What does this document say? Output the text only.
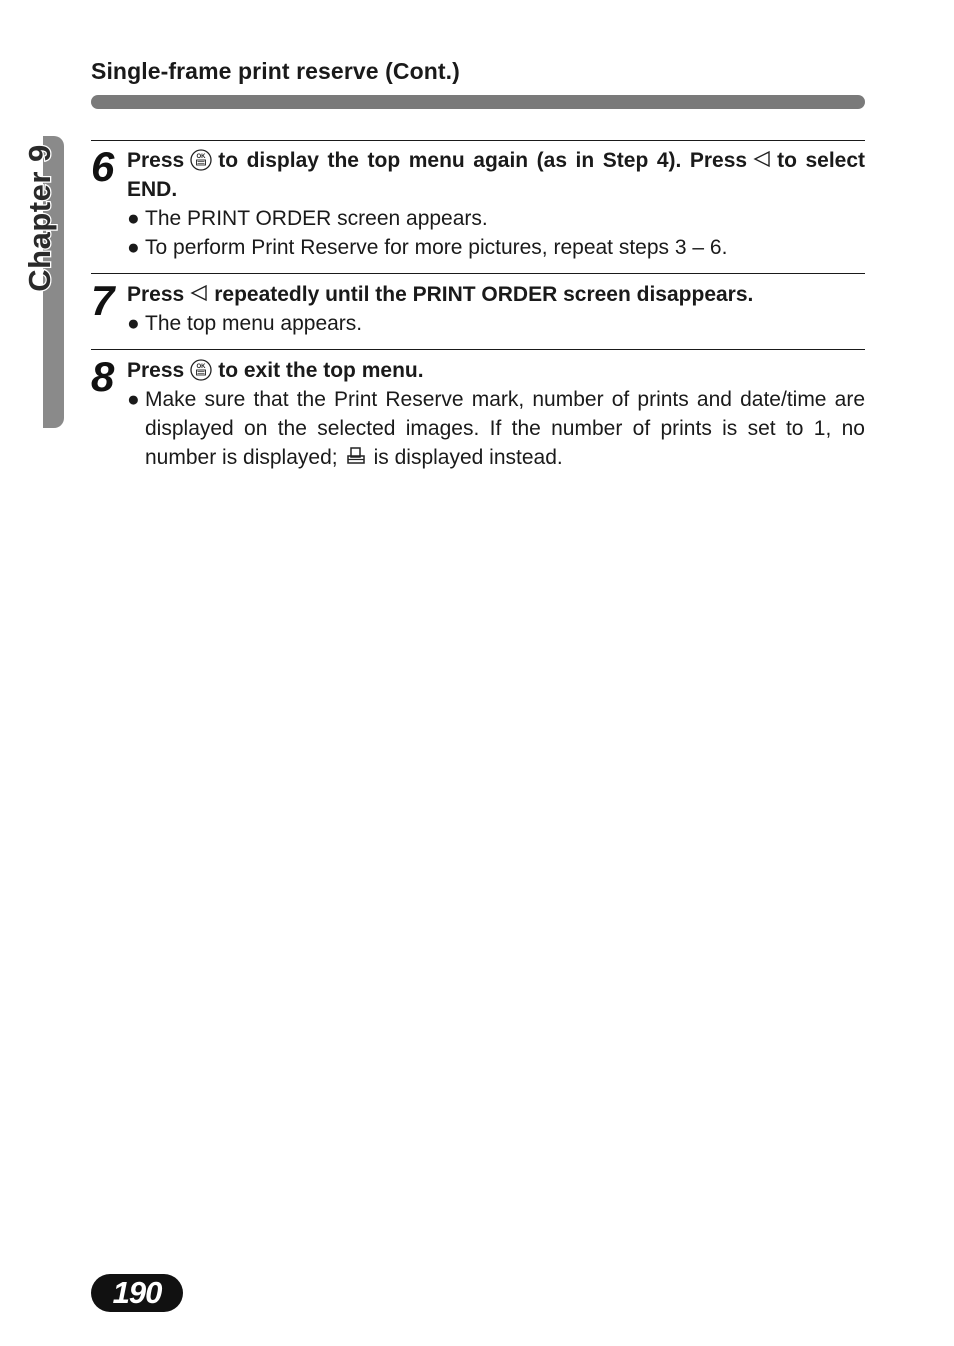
Single-frame print reserve (Cont.)
Chapter 9 6 Press OK to display the top menu again (as in Step 4). Press to select END.
● The PRINT ORDER screen appears.
● To perform Print Reserve for more pictures, repeat steps 3 – 6.
7 Press repeatedly until the PRINT ORDER screen disappears.
● The top menu appears.
8 Press OK to exit the top menu.
● Make sure that the Print Reserve mark, number of prints and date/time are displayed on the selected images. If the number of prints is set to 1, no number is displayed; is displayed instead.
190
